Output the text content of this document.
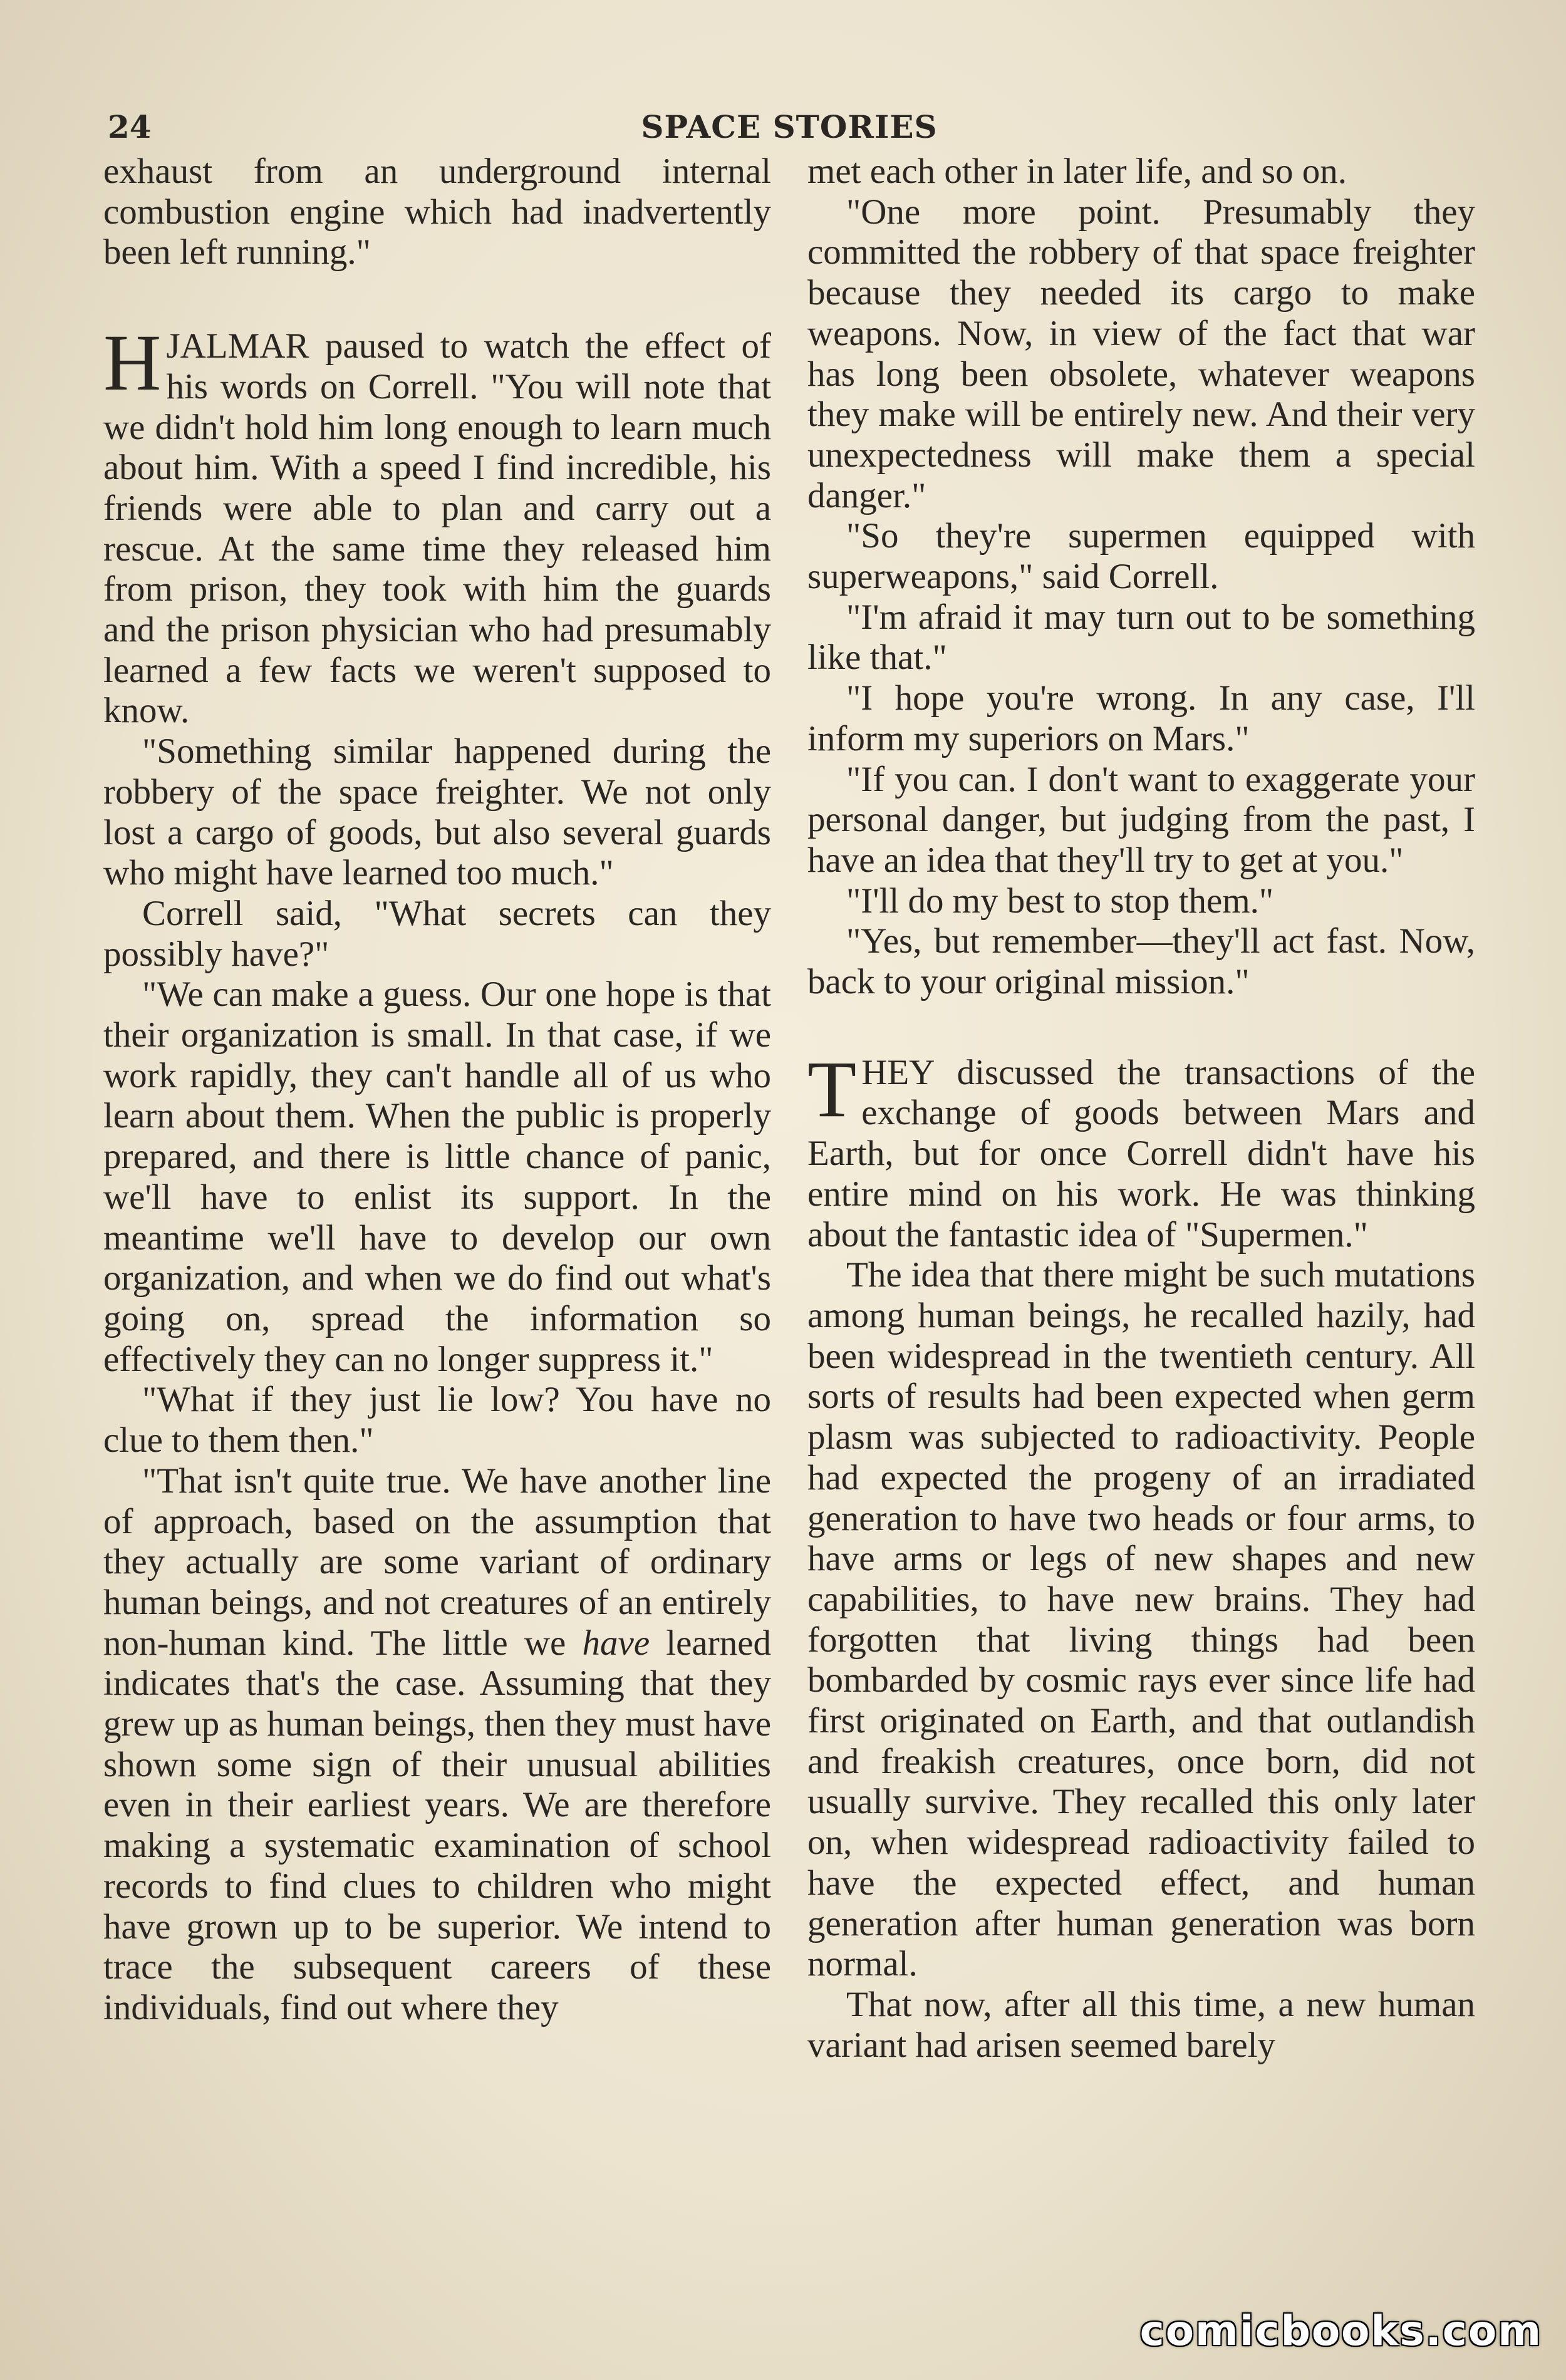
24	SPACE STORIES

exhaust from an underground internal combustion engine which had inadvertently been left running."

HJALMAR paused to watch the effect of his words on Correll. "You will note that we didn't hold him long enough to learn much about him. With a speed I find incredible, his friends were able to plan and carry out a rescue. At the same time they released him from prison, they took with him the guards and the prison physician who had presumably learned a few facts we weren't supposed to know.

"Something similar happened during the robbery of the space freighter. We not only lost a cargo of goods, but also several guards who might have learned too much."

Correll said, "What secrets can they possibly have?"

"We can make a guess. Our one hope is that their organization is small. In that case, if we work rapidly, they can't handle all of us who learn about them. When the public is properly prepared, and there is little chance of panic, we'll have to enlist its support. In the meantime we'll have to develop our own organization, and when we do find out what's going on, spread the information so effectively they can no longer suppress it."

"What if they just lie low? You have no clue to them then."

"That isn't quite true. We have another line of approach, based on the assumption that they actually are some variant of ordinary human beings, and not creatures of an entirely non-human kind. The little we have learned indicates that's the case. Assuming that they grew up as human beings, then they must have shown some sign of their unusual abilities even in their earliest years. We are therefore making a systematic examination of school records to find clues to children who might have grown up to be superior. We intend to trace the subsequent careers of these individuals, find out where they

met each other in later life, and so on.

"One more point. Presumably they committed the robbery of that space freighter because they needed its cargo to make weapons. Now, in view of the fact that war has long been obsolete, whatever weapons they make will be entirely new. And their very unexpectedness will make them a special danger."

"So they're supermen equipped with superweapons," said Correll.

"I'm afraid it may turn out to be something like that."

"I hope you're wrong. In any case, I'll inform my superiors on Mars."

"If you can. I don't want to exaggerate your personal danger, but judging from the past, I have an idea that they'll try to get at you."

"I'll do my best to stop them."

"Yes, but remember—they'll act fast. Now, back to your original mission."

THEY discussed the transactions of the exchange of goods between Mars and Earth, but for once Correll didn't have his entire mind on his work. He was thinking about the fantastic idea of "Supermen."

The idea that there might be such mutations among human beings, he recalled hazily, had been widespread in the twentieth century. All sorts of results had been expected when germ plasm was subjected to radioactivity. People had expected the progeny of an irradiated generation to have two heads or four arms, to have arms or legs of new shapes and new capabilities, to have new brains. They had forgotten that living things had been bombarded by cosmic rays ever since life had first originated on Earth, and that outlandish and freakish creatures, once born, did not usually survive. They recalled this only later on, when widespread radioactivity failed to have the expected effect, and human generation after human generation was born normal.

That now, after all this time, a new human variant had arisen seemed barely

comicbooks.com
